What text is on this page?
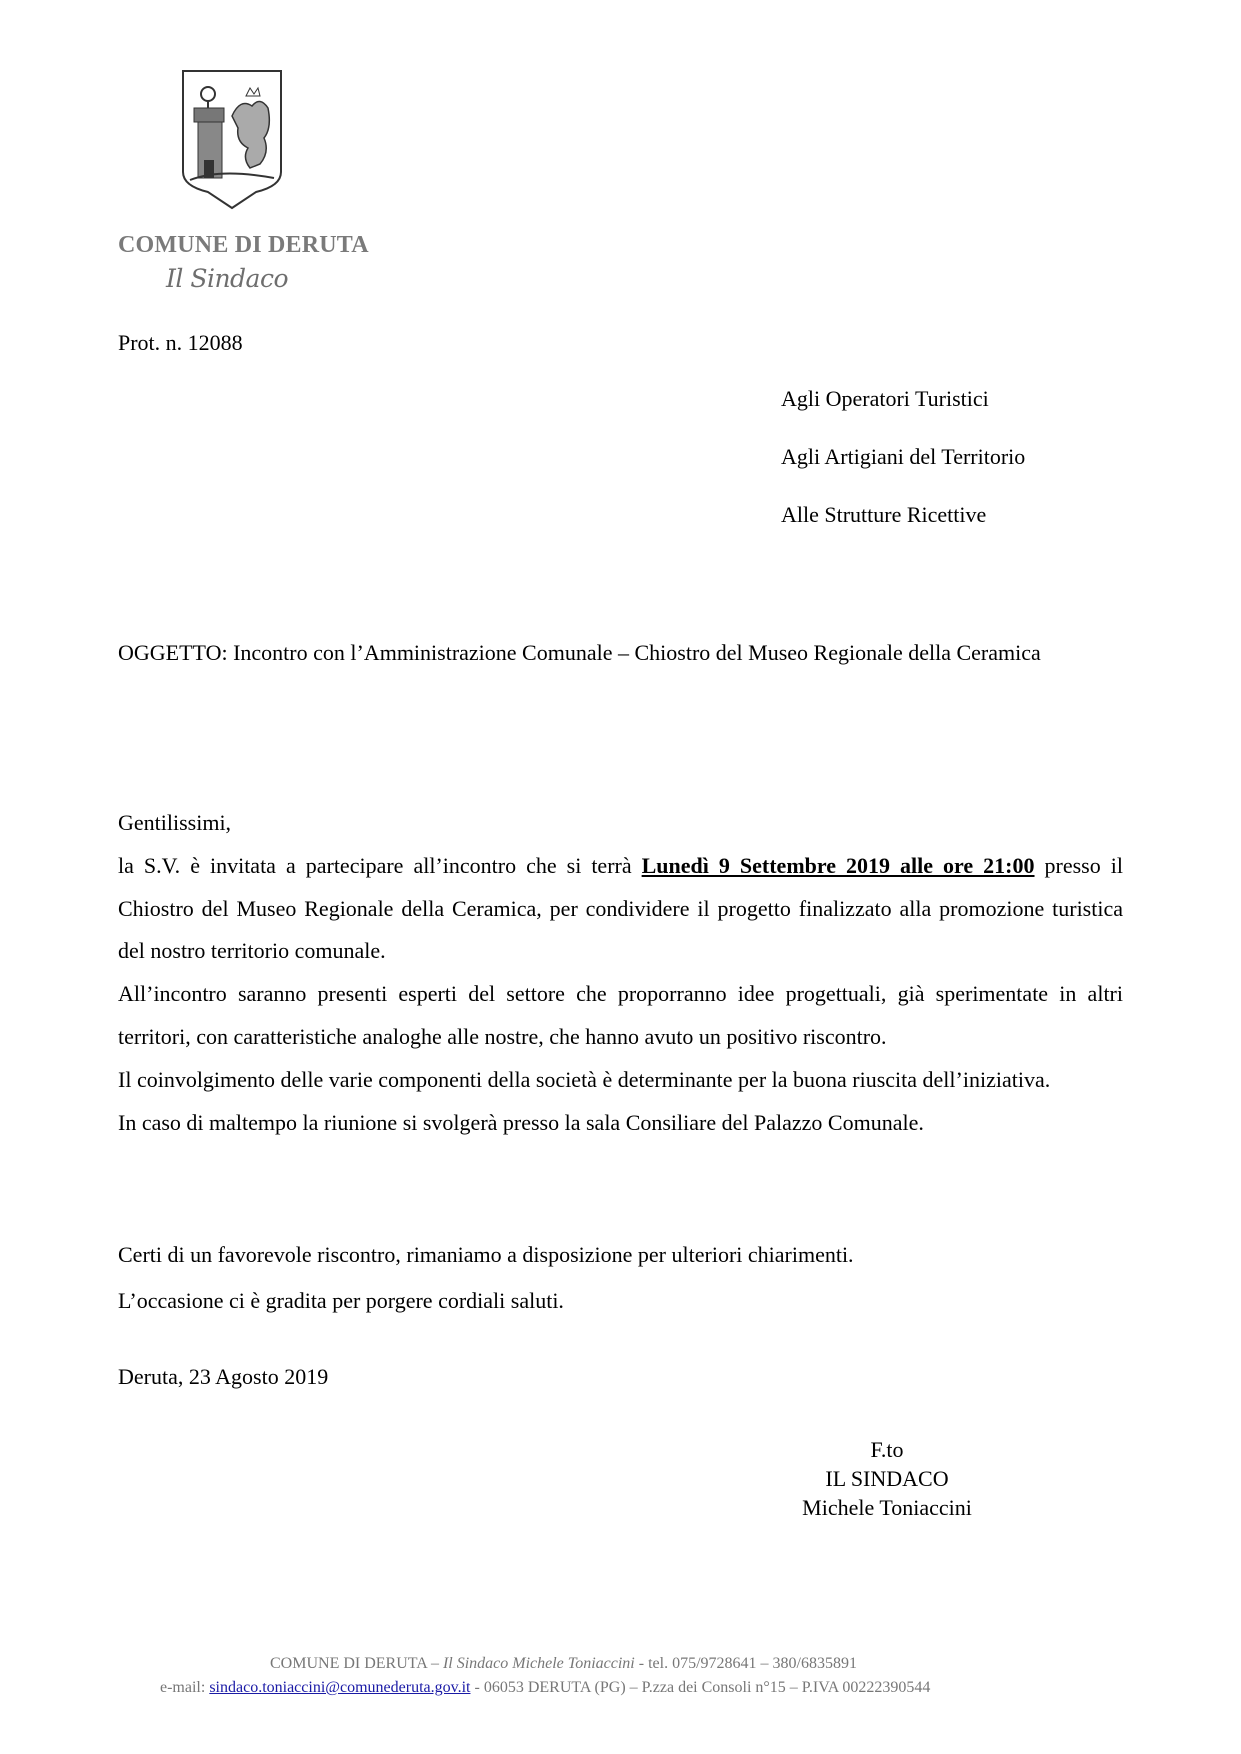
COMUNE DI DERUTA
Il Sindaco
Prot. n. 12088
Agli Operatori Turistici
Agli Artigiani del Territorio
Alle Strutture Ricettive
OGGETTO: Incontro con l’Amministrazione Comunale – Chiostro del Museo Regionale della Ceramica

Gentilissimi,

la S.V. è invitata a partecipare all’incontro che si terrà Lunedì 9 Settembre 2019 alle ore 21:00 presso il Chiostro del Museo Regionale della Ceramica, per condividere il progetto finalizzato alla promozione turistica del nostro territorio comunale.

All’incontro saranno presenti esperti del settore che proporranno idee progettuali, già sperimentate in altri territori, con caratteristiche analoghe alle nostre, che hanno avuto un positivo riscontro.

Il coinvolgimento delle varie componenti della società è determinante per la buona riuscita dell’iniziativa.

In caso di maltempo la riunione si svolgerà presso la sala Consiliare del Palazzo Comunale.

Certi di un favorevole riscontro, rimaniamo a disposizione per ulteriori chiarimenti.

L’occasione ci è gradita per porgere cordiali saluti.

Deruta, 23 Agosto 2019
F.to
IL SINDACO
Michele Toniaccini
COMUNE DI DERUTA – Il Sindaco Michele Toniaccini - tel. 075/9728641 – 380/6835891
e-mail: sindaco.toniaccini@comunederuta.gov.it - 06053 DERUTA (PG) – P.zza dei Consoli n°15 – P.IVA 00222390544
